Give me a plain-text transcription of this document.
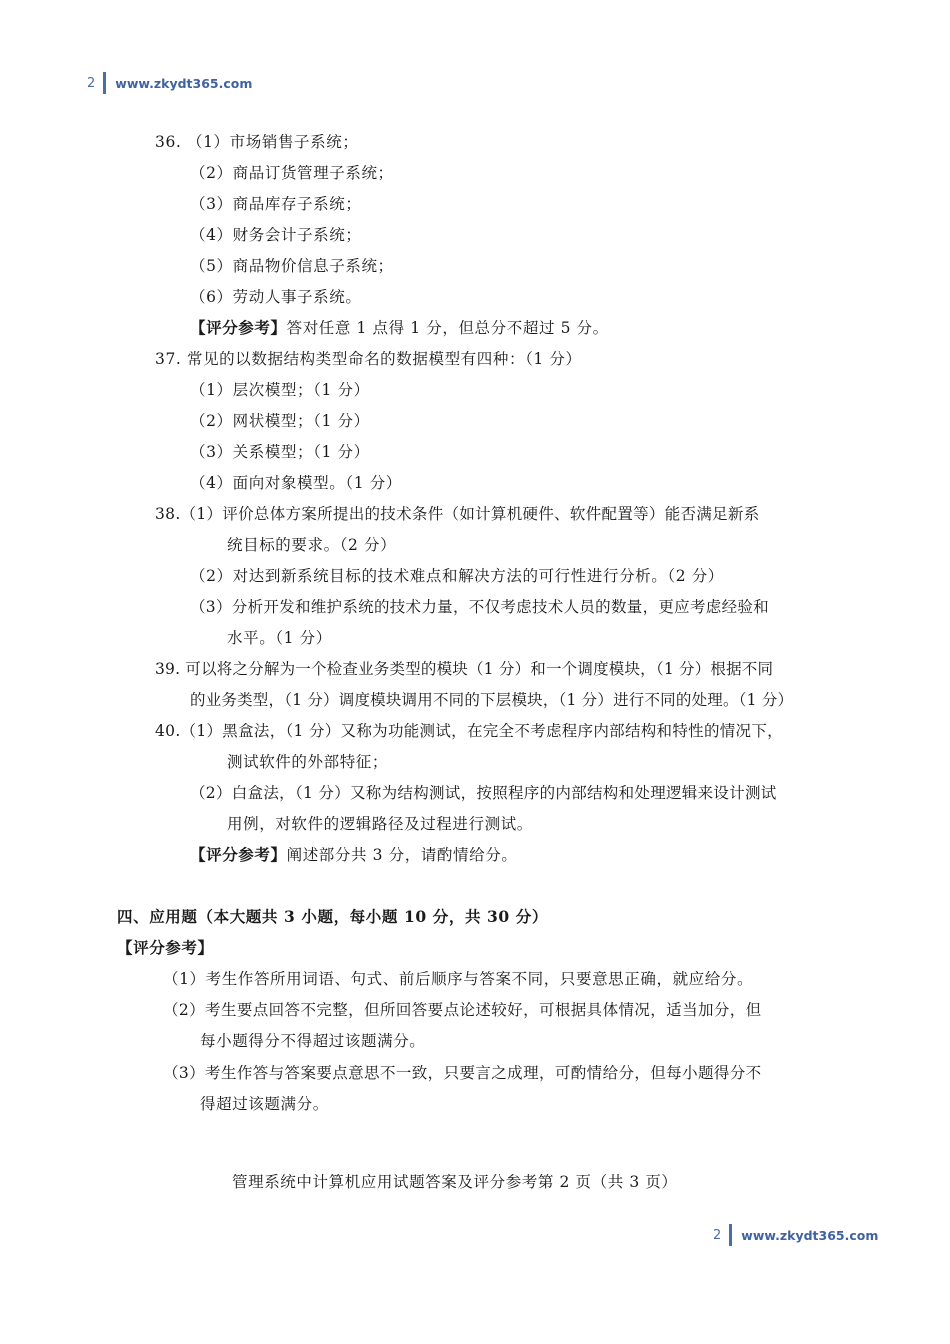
2 www.zkydt365.com
36. （1）市场销售子系统；
（2）商品订货管理子系统；
（3）商品库存子系统；
（4）财务会计子系统；
（5）商品物价信息子系统；
（6）劳动人事子系统。
【评分参考】答对任意 1 点得 1 分，但总分不超过 5 分。
37. 常见的以数据结构类型命名的数据模型有四种：（1 分）
（1）层次模型；（1 分）
（2）网状模型；（1 分）
（3）关系模型；（1 分）
（4）面向对象模型。（1 分）
38.（1）评价总体方案所提出的技术条件（如计算机硬件、软件配置等）能否满足新系
统目标的要求。（2 分）
（2）对达到新系统目标的技术难点和解决方法的可行性进行分析。（2 分）
（3）分析开发和维护系统的技术力量，不仅考虑技术人员的数量，更应考虑经验和
水平。（1 分）
39. 可以将之分解为一个检查业务类型的模块（1 分）和一个调度模块，（1 分）根据不同
的业务类型，（1 分）调度模块调用不同的下层模块，（1 分）进行不同的处理。（1 分）
40.（1）黑盒法，（1 分）又称为功能测试，在完全不考虑程序内部结构和特性的情况下，
测试软件的外部特征；
（2）白盒法，（1 分）又称为结构测试，按照程序的内部结构和处理逻辑来设计测试
用例，对软件的逻辑路径及过程进行测试。
【评分参考】阐述部分共 3 分，请酌情给分。
四、应用题（本大题共 3 小题，每小题 10 分，共 30 分）
【评分参考】
（1）考生作答所用词语、句式、前后顺序与答案不同，只要意思正确，就应给分。
（2）考生要点回答不完整，但所回答要点论述较好，可根据具体情况，适当加分，但
每小题得分不得超过该题满分。
（3）考生作答与答案要点意思不一致，只要言之成理，可酌情给分，但每小题得分不
得超过该题满分。
管理系统中计算机应用试题答案及评分参考第 2 页（共 3 页）
2 www.zkydt365.com
